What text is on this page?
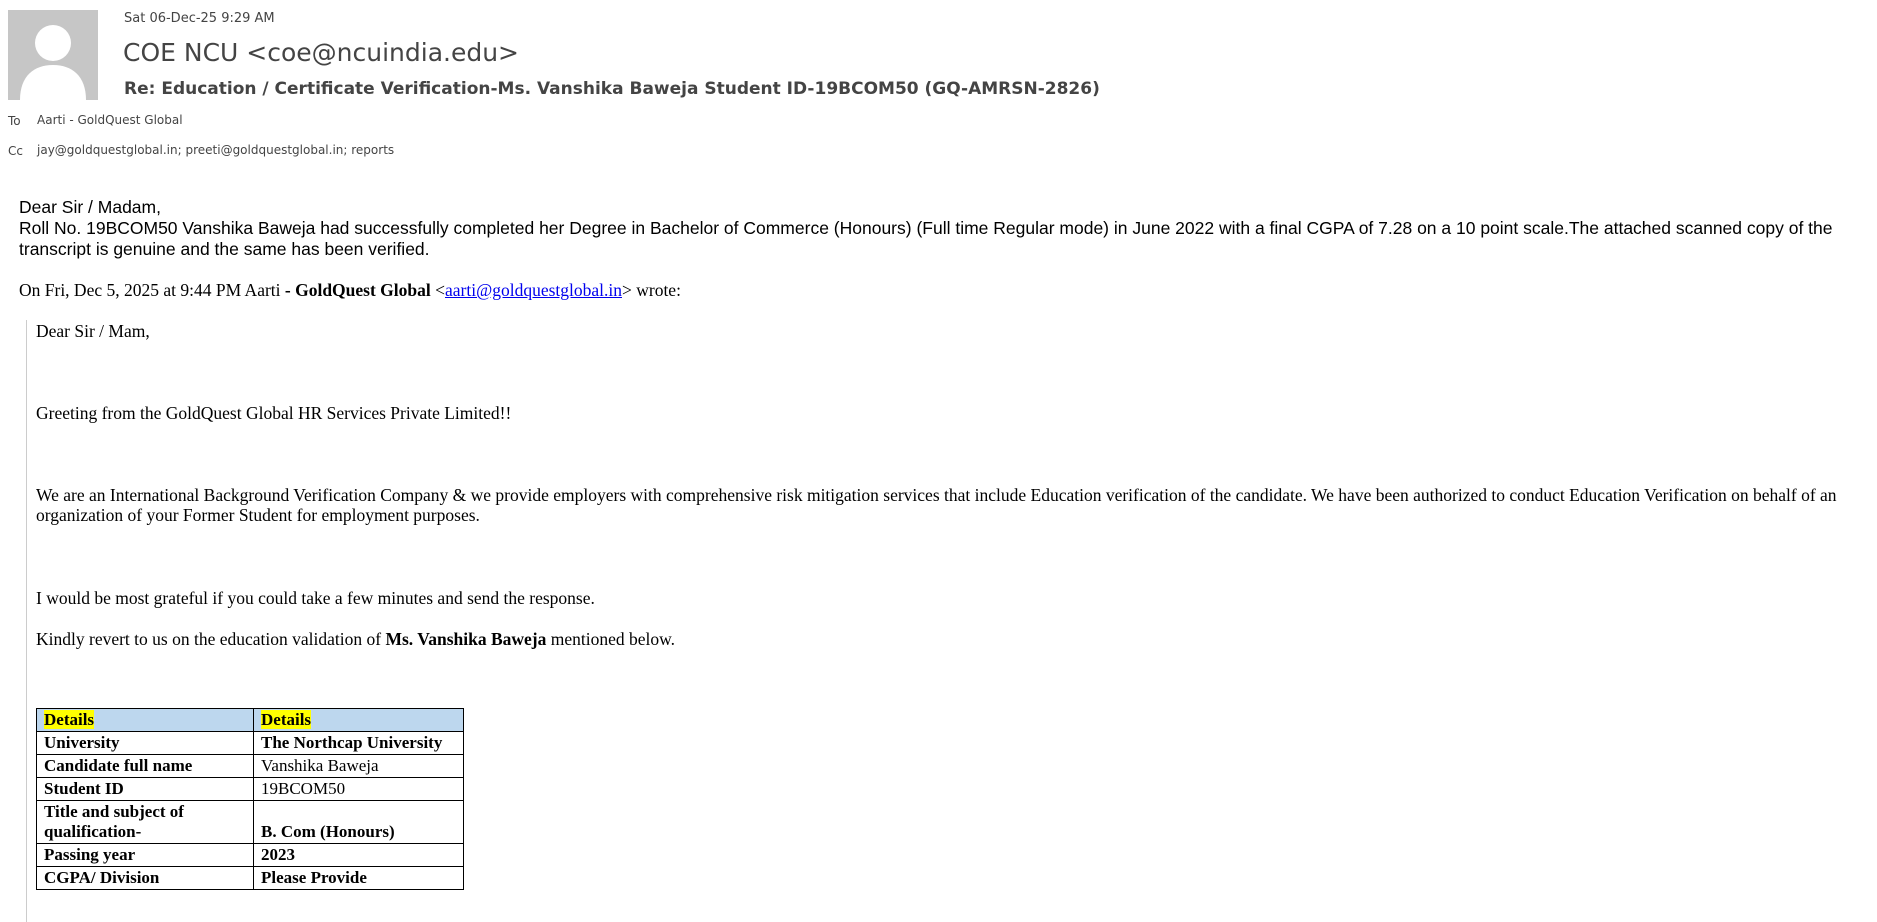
Sat 06-Dec-25 9:29 AM
COE NCU <coe@ncuindia.edu>
Re: Education / Certificate Verification-Ms. Vanshika Baweja Student ID-19BCOM50 (GQ-AMRSN-2826)
To Aarti - GoldQuest Global
Cc jay@goldquestglobal.in; preeti@goldquestglobal.in; reports

Dear Sir / Madam,

Roll No. 19BCOM50 Vanshika Baweja had successfully completed her Degree in Bachelor of Commerce (Honours) (Full time Regular mode) in June 2022 with a final CGPA of 7.28 on a 10 point scale.The attached scanned copy of the transcript is genuine and the same has been verified.

On Fri, Dec 5, 2025 at 9:44 PM Aarti - GoldQuest Global <aarti@goldquestglobal.in> wrote:
Dear Sir / Mam,
Greeting from the GoldQuest Global HR Services Private Limited!!
We are an International Background Verification Company & we provide employers with comprehensive risk mitigation services that include Education verification of the candidate. We have been authorized to conduct Education Verification on behalf of an organization of your Former Student for employment purposes.
I would be most grateful if you could take a few minutes and send the response.
Kindly revert to us on the education validation of Ms. Vanshika Baweja mentioned below.
Details	Details
University	The Northcap University
Candidate full name	Vanshika Baweja
Student ID	19BCOM50
Title and subject of qualification-	B. Com (Honours)
Passing year	2023
CGPA/ Division	Please Provide
